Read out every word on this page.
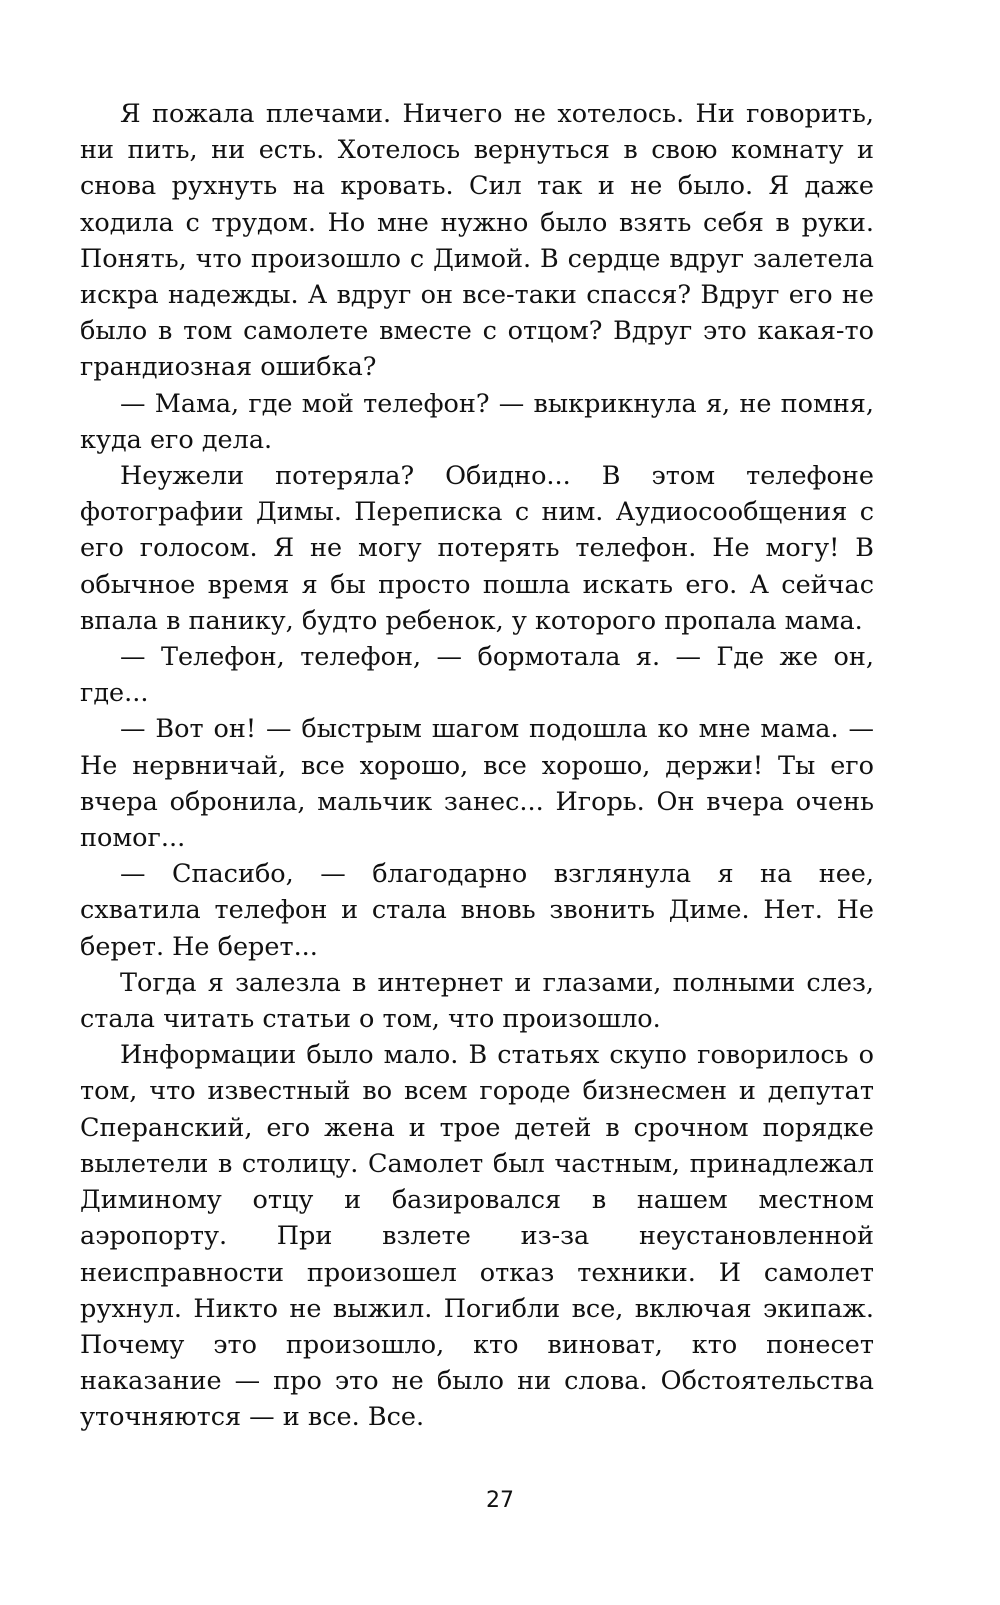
Я пожала плечами. Ничего не хотелось. Ни говорить, ни пить, ни есть. Хотелось вернуться в свою комнату и снова рухнуть на кровать. Сил так и не было. Я даже ходила с трудом. Но мне нужно было взять себя в руки. Понять, что произошло с Димой. В сердце вдруг залетела искра надежды. А вдруг он все-таки спасся? Вдруг его не было в том самолете вместе с отцом? Вдруг это какая-то грандиозная ошибка?

— Мама, где мой телефон? — выкрикнула я, не помня, куда его дела.

Неужели потеряла? Обидно... В этом телефоне фотографии Димы. Переписка с ним. Аудиосообщения с его голосом. Я не могу потерять телефон. Не могу! В обычное время я бы просто пошла искать его. А сейчас впала в панику, будто ребенок, у которого пропала мама.

— Телефон, телефон, — бормотала я. — Где же он, где...

— Вот он! — быстрым шагом подошла ко мне мама. — Не нервничай, все хорошо, все хорошо, держи! Ты его вчера обронила, мальчик занес... Игорь. Он вчера очень помог...

— Спасибо, — благодарно взглянула я на нее, схватила телефон и стала вновь звонить Диме. Нет. Не берет. Не берет...

Тогда я залезла в интернет и глазами, полными слез, стала читать статьи о том, что произошло.

Информации было мало. В статьях скупо говорилось о том, что известный во всем городе бизнесмен и депутат Сперанский, его жена и трое детей в срочном порядке вылетели в столицу. Самолет был частным, принадлежал Диминому отцу и базировался в нашем местном аэропорту. При взлете из-за неустановленной неисправности произошел отказ техники. И самолет рухнул. Никто не выжил. Погибли все, включая экипаж. Почему это произошло, кто виноват, кто понесет наказание — про это не было ни слова. Обстоятельства уточняются — и все. Все.

27
